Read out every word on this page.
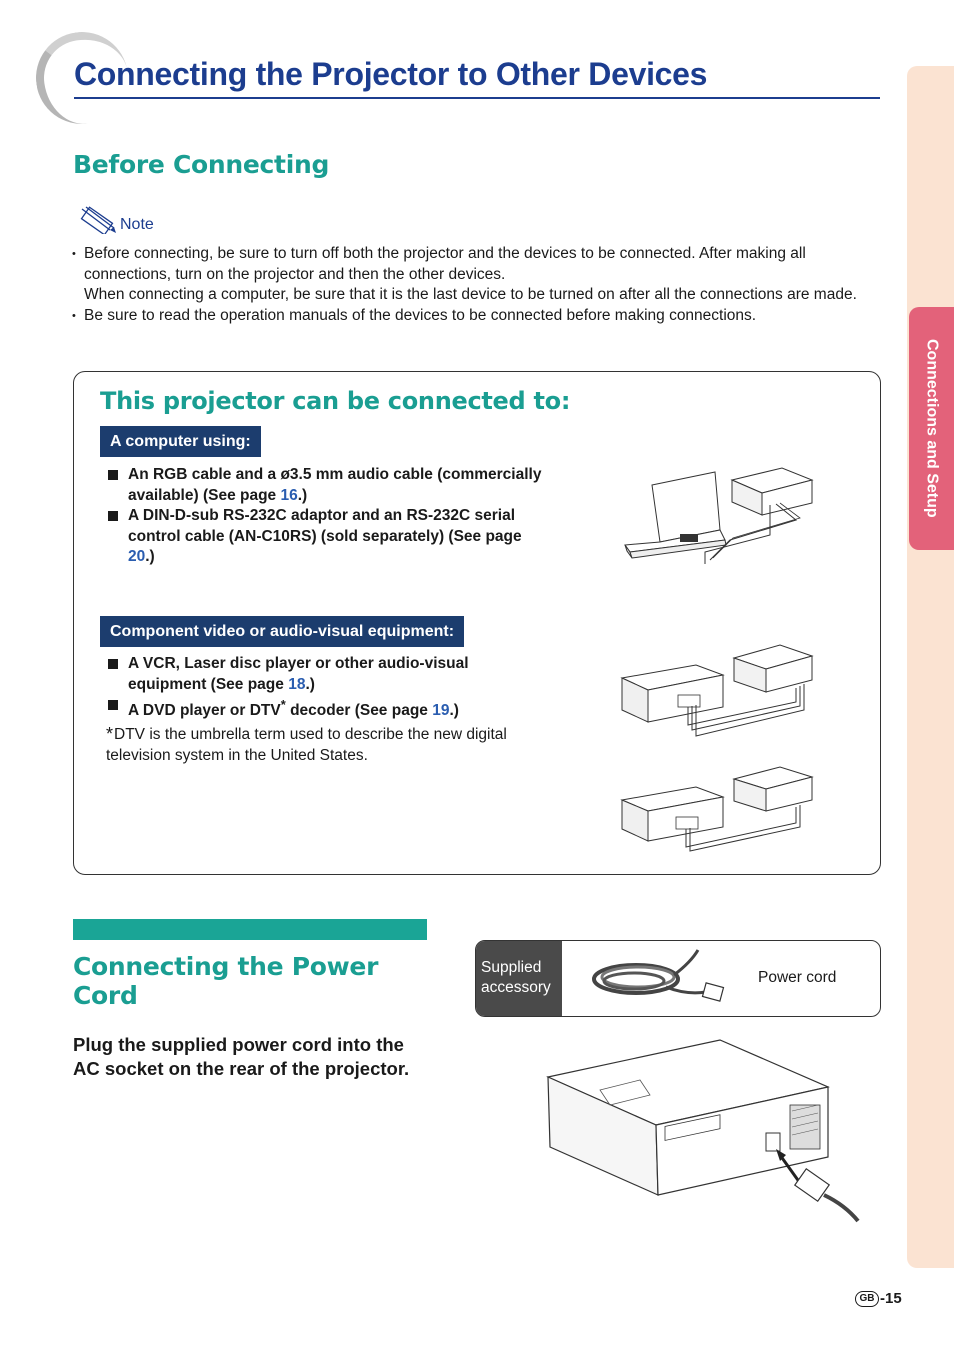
Connecting the Projector to Other Devices
Connections and Setup
Before Connecting
Note
• Before connecting, be sure to turn off both the projector and the devices to be connected. After making all connections, turn on the projector and then the other devices.
When connecting a computer, be sure that it is the last device to be turned on after all the connections are made.
• Be sure to read the operation manuals of the devices to be connected before making connections.
This projector can be connected to:
A computer using:
An RGB cable and a ø3.5 mm audio cable (commercially available) (See page 16.)
A DIN-D-sub RS-232C adaptor and an RS-232C serial control cable (AN-C10RS) (sold separately) (See page 20.)
Component video or audio-visual equipment:
A VCR, Laser disc player or other audio-visual equipment (See page 18.)
A DVD player or DTV* decoder (See page 19.)
*DTV is the umbrella term used to describe the new digital television system in the United States.
Connecting the Power Cord

Plug the supplied power cord into the AC socket on the rear of the projector.

Supplied accessory
Power cord
GB -15
